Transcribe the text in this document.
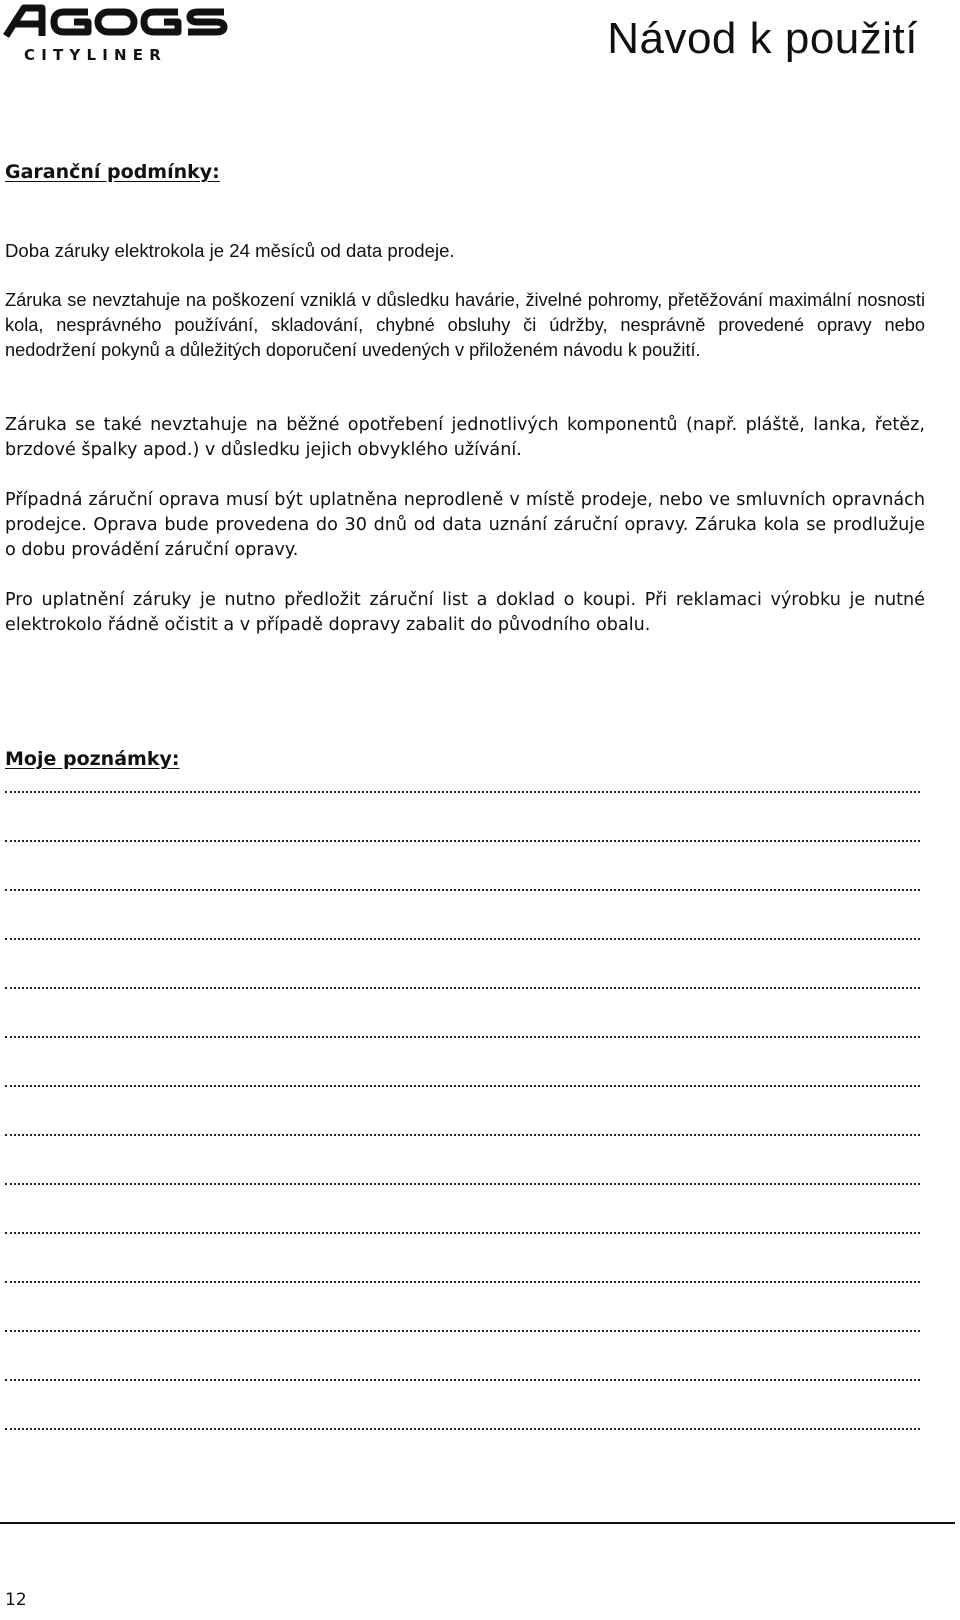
CITYLINER	Návod k použití
Garanční podmínky:

Doba záruky elektrokola je 24 měsíců od data prodeje.

Záruka se nevztahuje na poškození vzniklá v důsledku havárie, živelné pohromy, přetěžování maximální nosnosti kola, nesprávného používání, skladování, chybné obsluhy či údržby, nesprávně provedené opravy nebo nedodržení pokynů a důležitých doporučení uvedených v přiloženém návodu k použití.

Záruka se také nevztahuje na běžné opotřebení jednotlivých komponentů (např. pláště, lanka, řetěz, brzdové špalky apod.) v důsledku jejich obvyklého užívání.

Případná záruční oprava musí být uplatněna neprodleně v místě prodeje, nebo ve smluvních opravnách prodejce. Oprava bude provedena do 30 dnů od data uznání záruční opravy. Záruka kola se prodlužuje o dobu provádění záruční opravy.

Pro uplatnění záruky je nutno předložit záruční list a doklad o koupi. Při reklamaci výrobku je nutné elektrokolo řádně očistit a v případě dopravy zabalit do původního obalu.

Moje poznámky:

12
